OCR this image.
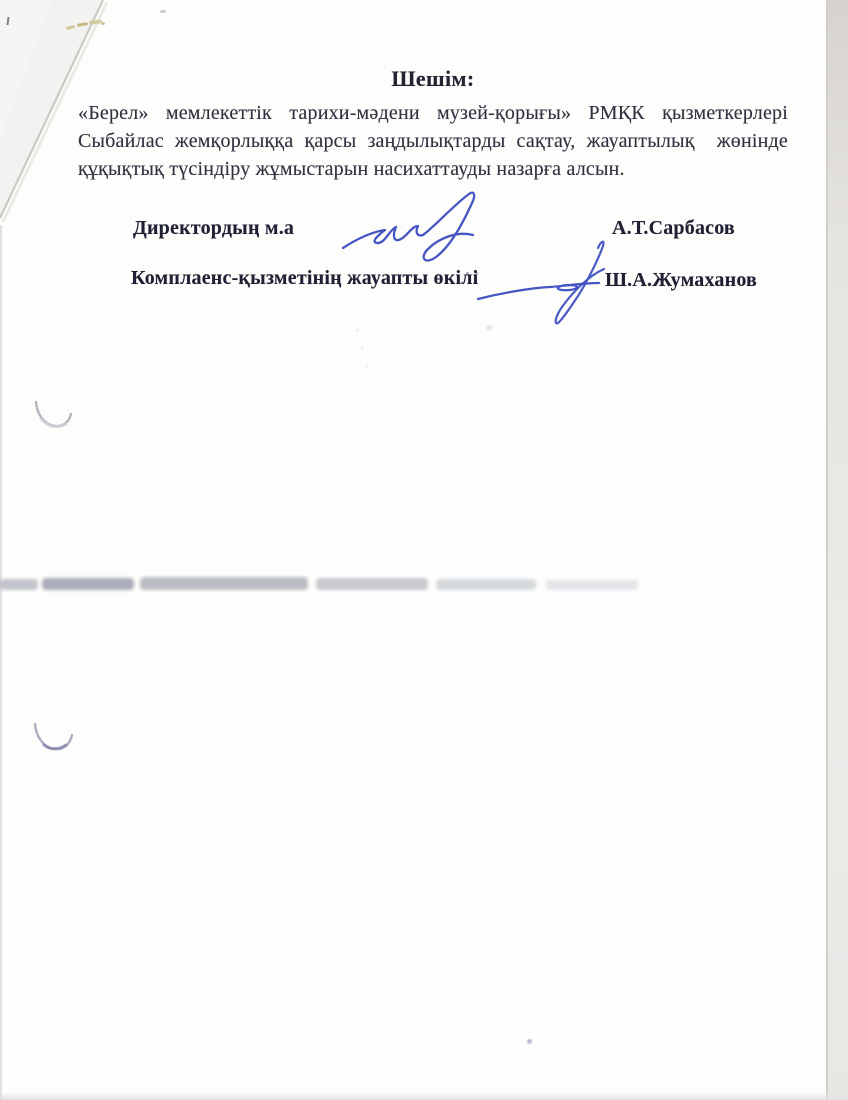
Шешім:
«Берел» мемлекеттік тарихи-мәдени музей-қорығы» РМҚК қызметкерлері
Сыбайлас жемқорлыққа қарсы заңдылықтарды сақтау, жауаптылық  жөнінде
құқықтық түсіндіру жұмыстарын насихаттауды назарға алсын.
Директордың м.а	А.Т.Сарбасов
Комплаенс-қызметінің жауапты өкілі	Ш.А.Жумаханов
